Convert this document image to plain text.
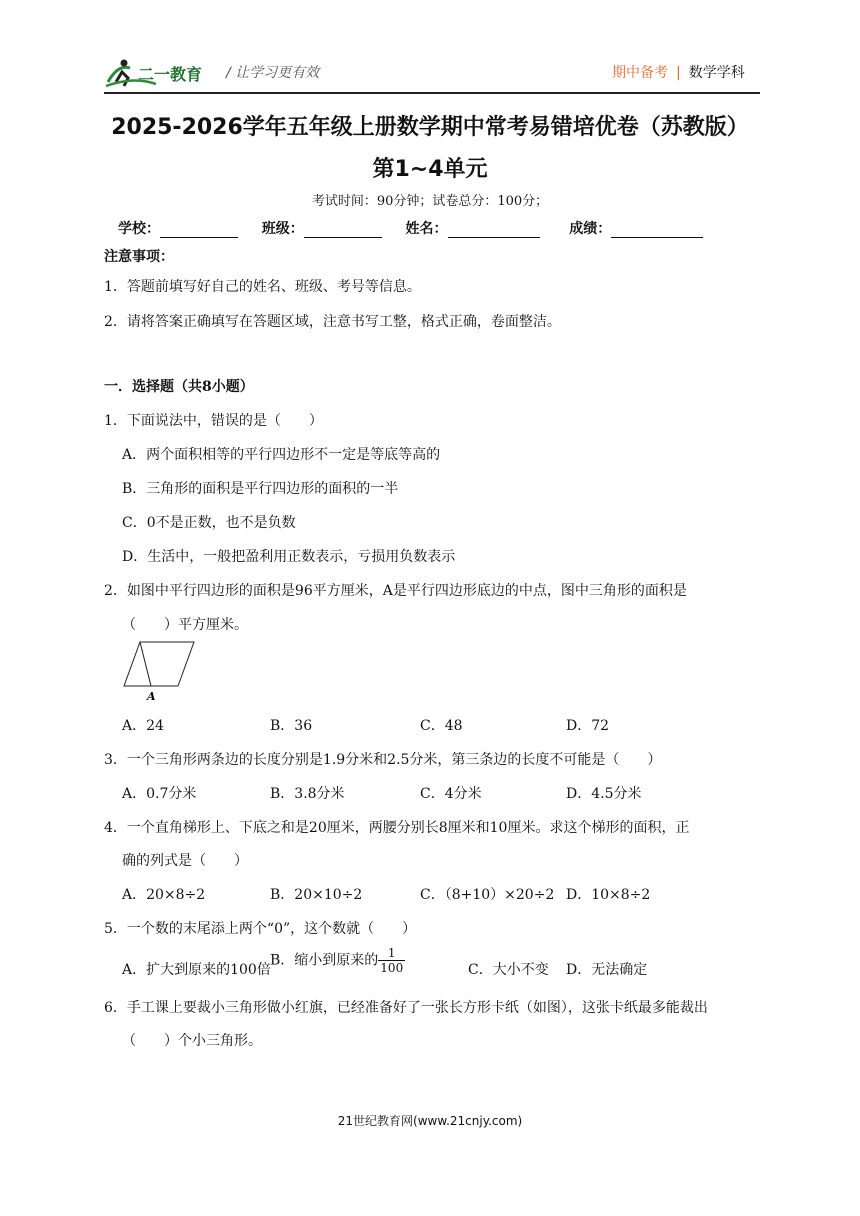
二一教育 / 让学习更有效	期中备考 | 数学学科
2025-2026学年五年级上册数学期中常考易错培优卷（苏教版）
第1~4单元
考试时间：90分钟；试卷总分：100分；
学校：	班级：	姓名：	成绩：
注意事项：
1．答题前填写好自己的姓名、班级、考号等信息。
2．请将答案正确填写在答题区域，注意书写工整，格式正确，卷面整洁。
一．选择题（共8小题）
1．下面说法中，错误的是（　　）
A．两个面积相等的平行四边形不一定是等底等高的
B．三角形的面积是平行四边形的面积的一半
C．0不是正数，也不是负数
D．生活中，一般把盈利用正数表示，亏损用负数表示
2．如图中平行四边形的面积是96平方厘米，A是平行四边形底边的中点，图中三角形的面积是
（　　）平方厘米。
A
A．24	B．36	C．48	D．72
3．一个三角形两条边的长度分别是1.9分米和2.5分米，第三条边的长度不可能是（　　）
A．0.7分米	B．3.8分米	C．4分米	D．4.5分米
4．一个直角梯形上、下底之和是20厘米，两腰分别长8厘米和10厘米。求这个梯形的面积，正
确的列式是（　　）
A．20×8÷2	B．20×10÷2	C．（8+10）×20÷2 D．10×8÷2
5．一个数的末尾添上两个“0”，这个数就（　　）
A．扩大到原来的100倍
B．缩小到原来的 $\frac{1}{100}$	C．大小不变 D．无法确定
6．手工课上要裁小三角形做小红旗，已经准备好了一张长方形卡纸（如图），这张卡纸最多能裁出
（　　）个小三角形。
21世纪教育网(www.21cnjy.com)
